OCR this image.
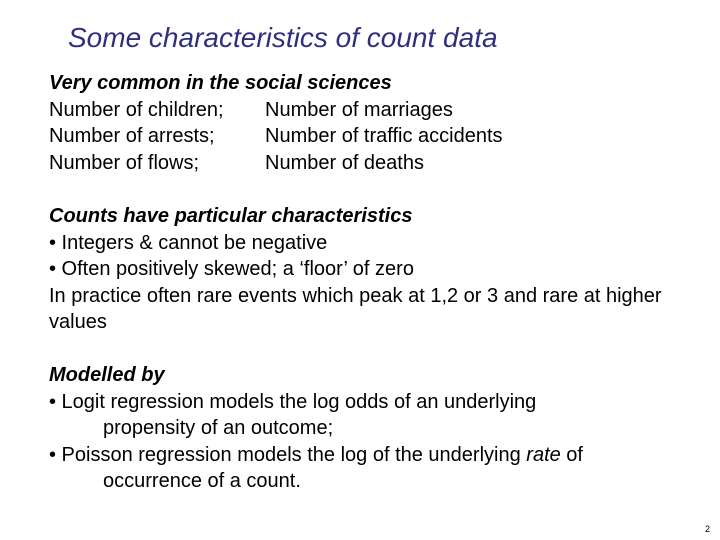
Some characteristics of count data
Very common in the social sciences
Number of children;	Number of marriages
Number of arrests;	Number of traffic accidents
Number of flows;	Number of deaths
Counts have particular characteristics
• Integers & cannot be negative
• Often positively skewed; a ‘floor’ of zero
In practice often rare events which peak at 1,2 or 3 and rare at higher values
Modelled by
• Logit regression models the log odds of an underlying
propensity of an outcome;
• Poisson regression models the log of the underlying rate of
occurrence of a count.
2
